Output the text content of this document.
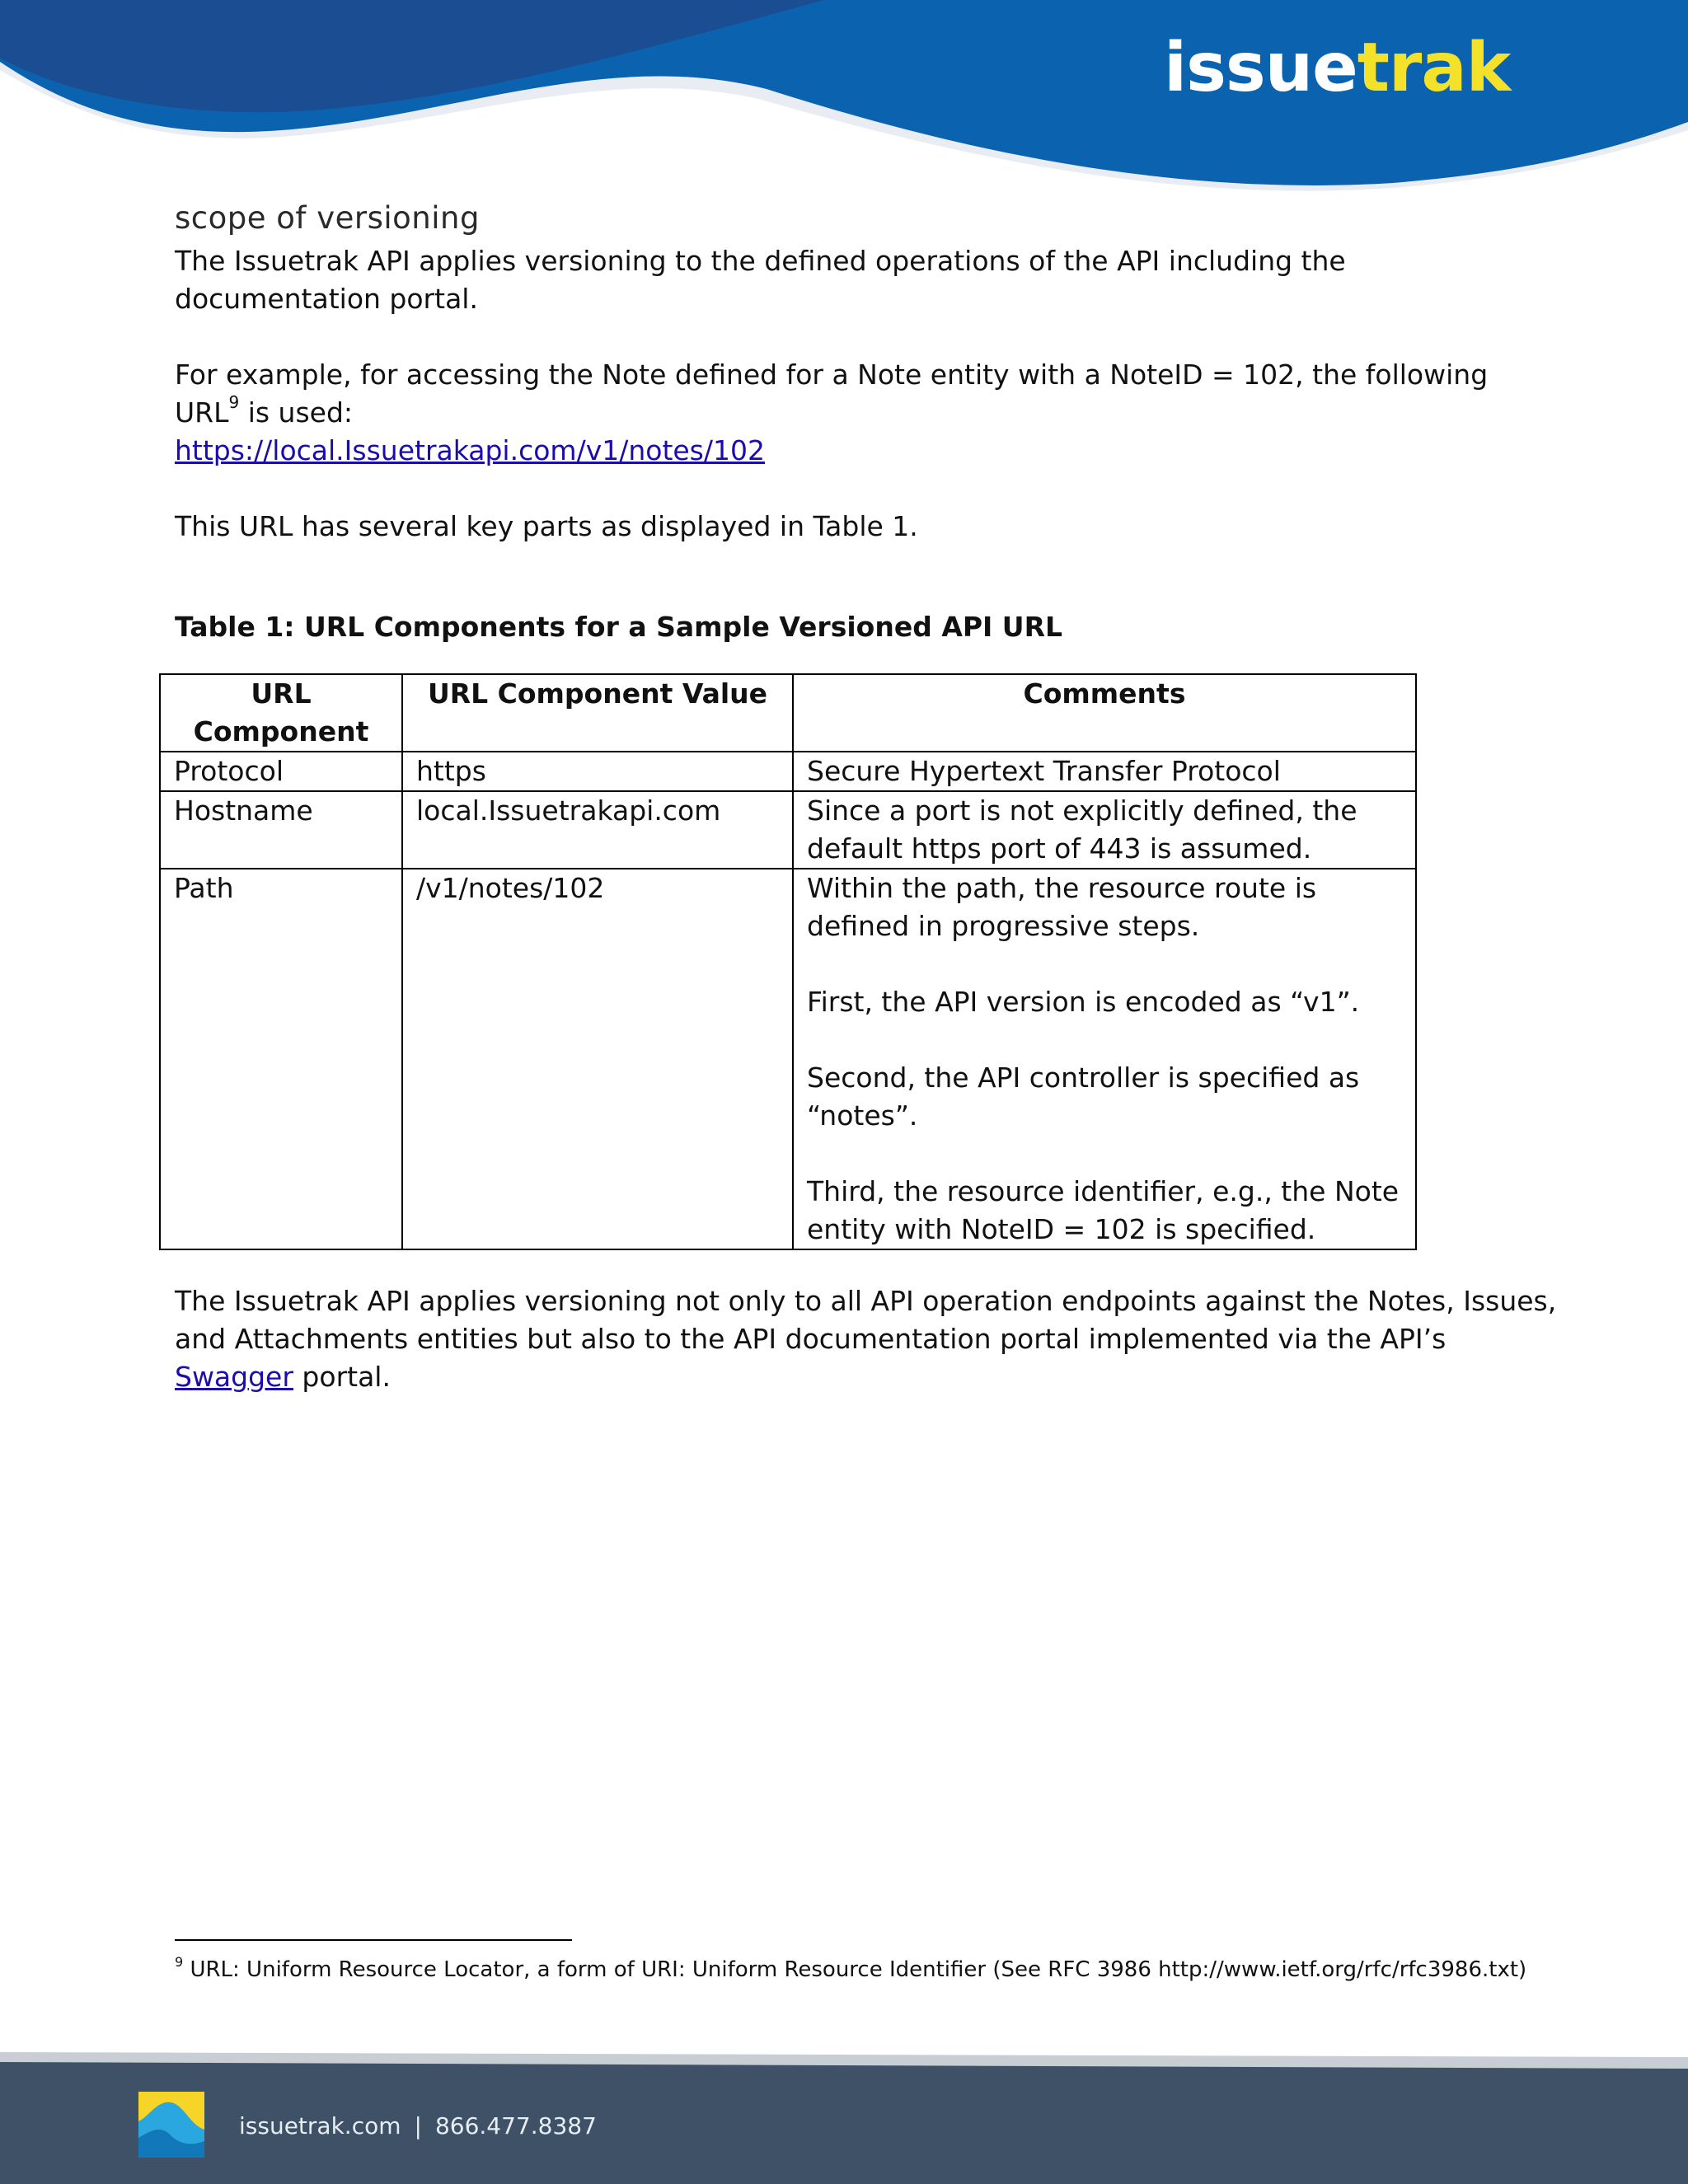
issuetrak

scope of versioning

The Issuetrak API applies versioning to the defined operations of the API including the documentation portal.

For example, for accessing the Note defined for a Note entity with a NoteID = 102, the following URL$^9$ is used:
https://local.Issuetrakapi.com/v1/notes/102

This URL has several key parts as displayed in Table 1.

Table 1: URL Components for a Sample Versioned API URL

URL Component	URL Component Value	Comments
Protocol	https	Secure Hypertext Transfer Protocol

Hostname	local.Issuetrakapi.com	Since a port is not explicitly defined, the default https port of 443 is assumed.

Path	/v1/notes/102	Within the path, the resource route is defined in progressive steps.

First, the API version is encoded as “v1”.

Second, the API controller is specified as “notes”.

Third, the resource identifier, e.g., the Note entity with NoteID = 102 is specified.

The Issuetrak API applies versioning not only to all API operation endpoints against the Notes, Issues, and Attachments entities but also to the API documentation portal implemented via the API’s Swagger portal.

$^9$ URL: Uniform Resource Locator, a form of URI: Uniform Resource Identifier (See RFC 3986 http://www.ietf.org/rfc/rfc3986.txt)

issuetrak.com | 866.477.8387
